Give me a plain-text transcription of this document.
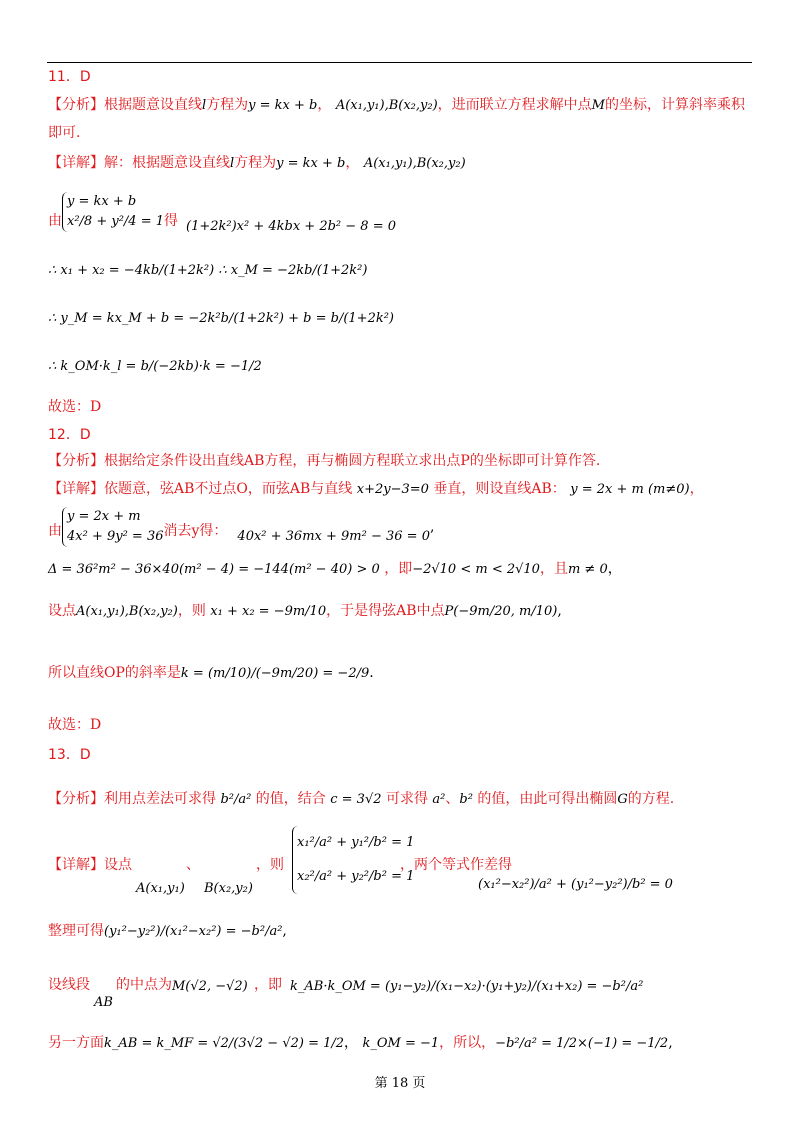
11．D
【分析】根据题意设直线l方程为y = kx + b， A(x₁,y₁),B(x₂,y₂)，进而联立方程求解中点M的坐标，计算斜率乘积
即可.
【详解】解：根据题意设直线l方程为y = kx + b， A(x₁,y₁),B(x₂,y₂)
由
y = kx + b
x²/8 + y²/4 = 1 得 (1+2k²)x² + 4kbx + 2b² − 8 = 0
∴ x₁ + x₂ = −4kb/(1+2k²) ∴ x_M = −2kb/(1+2k²)
∴ y_M = kx_M + b = −2k²b/(1+2k²) + b = b/(1+2k²)
∴ k_OM·k_l = b/(−2kb)·k = −1/2
故选：D
12．D
【分析】根据给定条件设出直线AB方程，再与椭圆方程联立求出点P的坐标即可计算作答.
【详解】依题意，弦AB不过点O，而弦AB与直线 x+2y−3=0 垂直，则设直线AB： y = 2x + m (m≠0)，
由
y = 2x + m
4x² + 9y² = 36 消去y得： 40x² + 36mx + 9m² − 36 = 0
,
Δ = 36²m² − 36×40(m² − 4) = −144(m² − 40) > 0 ，即−2√10 < m < 2√10，且m ≠ 0，
设点A(x₁,y₁),B(x₂,y₂)，则 x₁ + x₂ = −9m/10，于是得弦AB中点P(−9m/20, m/10),
所以直线OP的斜率是k = (m/10)/(−9m/20) = −2/9.
故选：D
13．D
【分析】利用点差法可求得 b²/a² 的值，结合 c = 3√2 可求得 a²、b² 的值，由此可得出椭圆G的方程.
【详解】 设点	、
A(x₁,y₁) B(x₂,y₂)
，则
x₁²/a² + y₁²/b² = 1
x₂²/a² + y₂²/b² = 1
，两个等式作差得
(x₁²−x₂²)/a² + (y₁²−y₂²)/b² = 0
整理可得(y₁²−y₂²)/(x₁²−x₂²) = −b²/a²,
设线段
AB
的中点为 M(√2, −√2) ，即 k_AB·k_OM = (y₁−y₂)/(x₁−x₂)·(y₁+y₂)/(x₁+x₂) = −b²/a²
另一方面k_AB = k_MF = √2/(3√2 − √2) = 1/2， k_OM = −1，所以，−b²/a² = 1/2×(−1) = −1/2,
第 18 页
